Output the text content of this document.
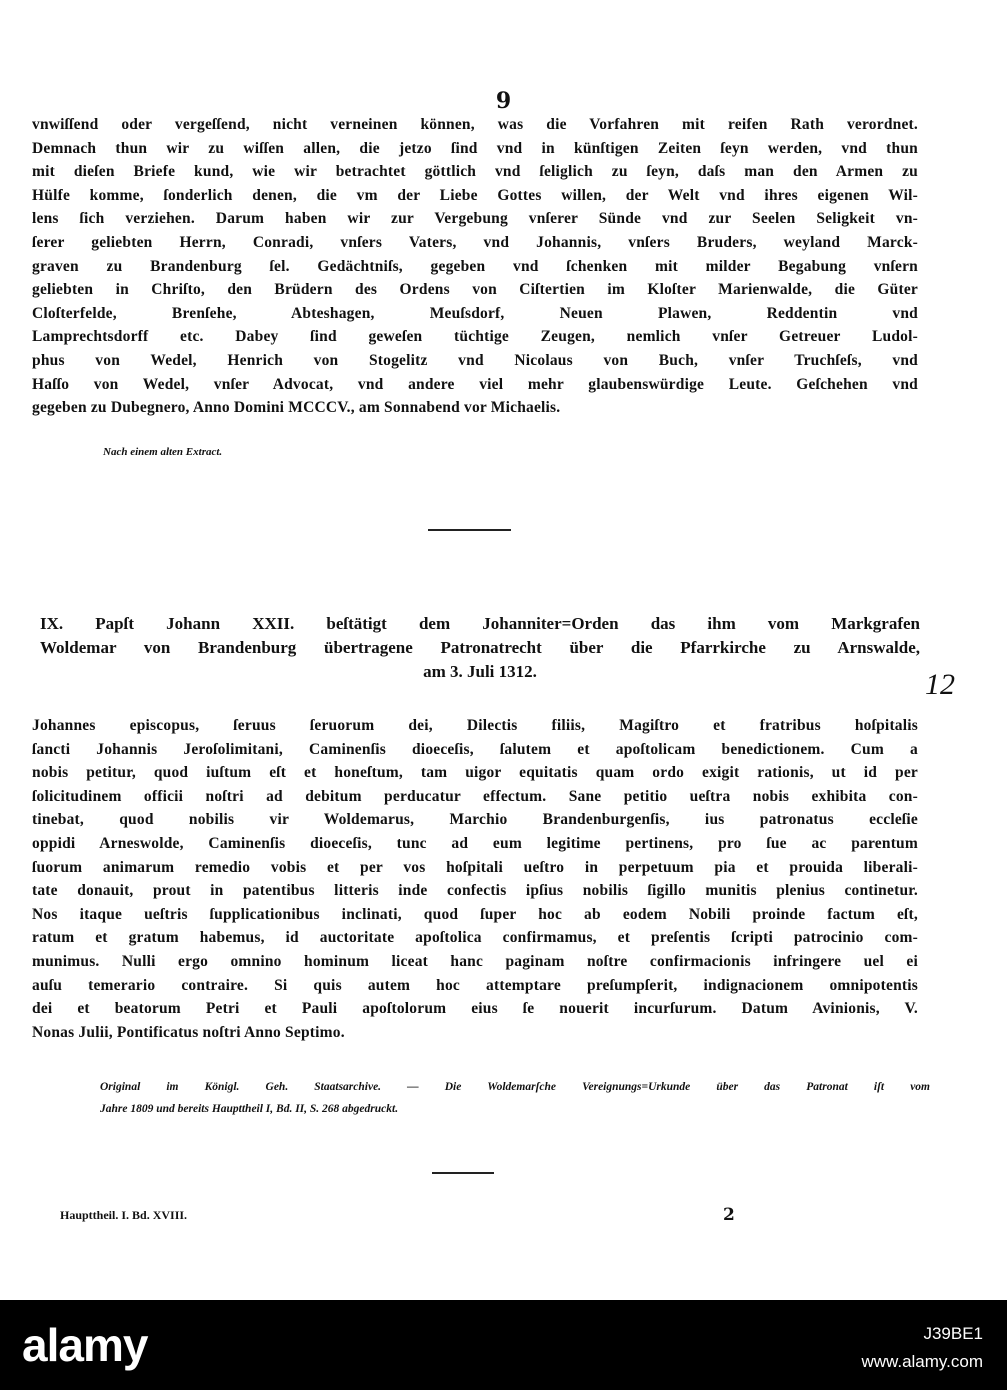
9
vnwiſſend oder vergeſſend, nicht verneinen können, was die Vorfahren mit reifen Rath verordnet.
Demnach thun wir zu wiſſen allen, die jetzo ſind vnd in künſtigen Zeiten ſeyn werden, vnd thun
mit dieſen Briefe kund, wie wir betrachtet göttlich vnd ſeliglich zu ſeyn, daſs man den Armen zu
Hülfe komme, ſonderlich denen, die vm der Liebe Gottes willen, der Welt vnd ihres eigenen Wil-
lens ſich verziehen. Darum haben wir zur Vergebung vnſerer Sünde vnd zur Seelen Seligkeit vn-
ſerer geliebten Herrn, Conradi, vnſers Vaters, vnd Johannis, vnſers Bruders, weyland Marck-
graven zu Brandenburg ſel. Gedächtniſs, gegeben vnd ſchenken mit milder Begabung vnſern
geliebten in Chriſto, den Brüdern des Ordens von Ciſtertien im Kloſter Marienwalde, die Güter
Cloſterfelde, Brenſehe, Abteshagen, Meuſsdorf, Neuen Plawen, Reddentin vnd
Lamprechtsdorff etc. Dabey ſind geweſen tüchtige Zeugen, nemlich vnſer Getreuer Ludol-
phus von Wedel, Henrich von Stogelitz vnd Nicolaus von Buch, vnſer Truchſeſs, vnd
Haſſo von Wedel, vnſer Advocat, vnd andere viel mehr glaubenswürdige Leute. Geſchehen vnd
gegeben zu Dubegnero, Anno Domini MCCCV., am Sonnabend vor Michaelis.
Nach einem alten Extract.
IX. Papſt Johann XXII. beſtätigt dem Johanniter=Orden das ihm vom Markgrafen
Woldemar von Brandenburg übertragene Patronatrecht über die Pfarrkirche zu Arnswalde,
am 3. Juli 1312.	12
Johannes episcopus, ſeruus ſeruorum dei, Dilectis filiis, Magiſtro et fratribus hoſpitalis
ſancti Johannis Jeroſolimitani, Caminenſis dioeceſis, ſalutem et apoſtolicam benedictionem. Cum a
nobis petitur, quod iuſtum eſt et honeſtum, tam uigor equitatis quam ordo exigit rationis, ut id per
ſolicitudinem officii noſtri ad debitum perducatur effectum. Sane petitio ueſtra nobis exhibita con-
tinebat, quod nobilis vir Woldemarus, Marchio Brandenburgenſis, ius patronatus eccleſie
oppidi Arneswolde, Caminenſis dioeceſis, tunc ad eum legitime pertinens, pro ſue ac parentum
ſuorum animarum remedio vobis et per vos hoſpitali ueſtro in perpetuum pia et prouida liberali-
tate donauit, prout in patentibus litteris inde confectis ipſius nobilis ſigillo munitis plenius continetur.
Nos itaque ueſtris ſupplicationibus inclinati, quod ſuper hoc ab eodem Nobili proinde factum eſt,
ratum et gratum habemus, id auctoritate apoſtolica confirmamus, et preſentis ſcripti patrocinio com-
munimus. Nulli ergo omnino hominum liceat hanc paginam noſtre confirmacionis infringere uel ei
auſu temerario contraire. Si quis autem hoc attemptare preſumpſerit, indignacionem omnipotentis
dei et beatorum Petri et Pauli apoſtolorum eius ſe nouerit incurſurum. Datum Avinionis, V.
Nonas Julii, Pontificatus noſtri Anno Septimo.
Original im Königl. Geh. Staatsarchive. — Die Woldemarſche Vereignungs=Urkunde über das Patronat iſt vom
Jahre 1809 und bereits Haupttheil I, Bd. II, S. 268 abgedruckt.
Haupttheil. I. Bd. XVIII.	2
alamy	J39BE1
www.alamy.com
